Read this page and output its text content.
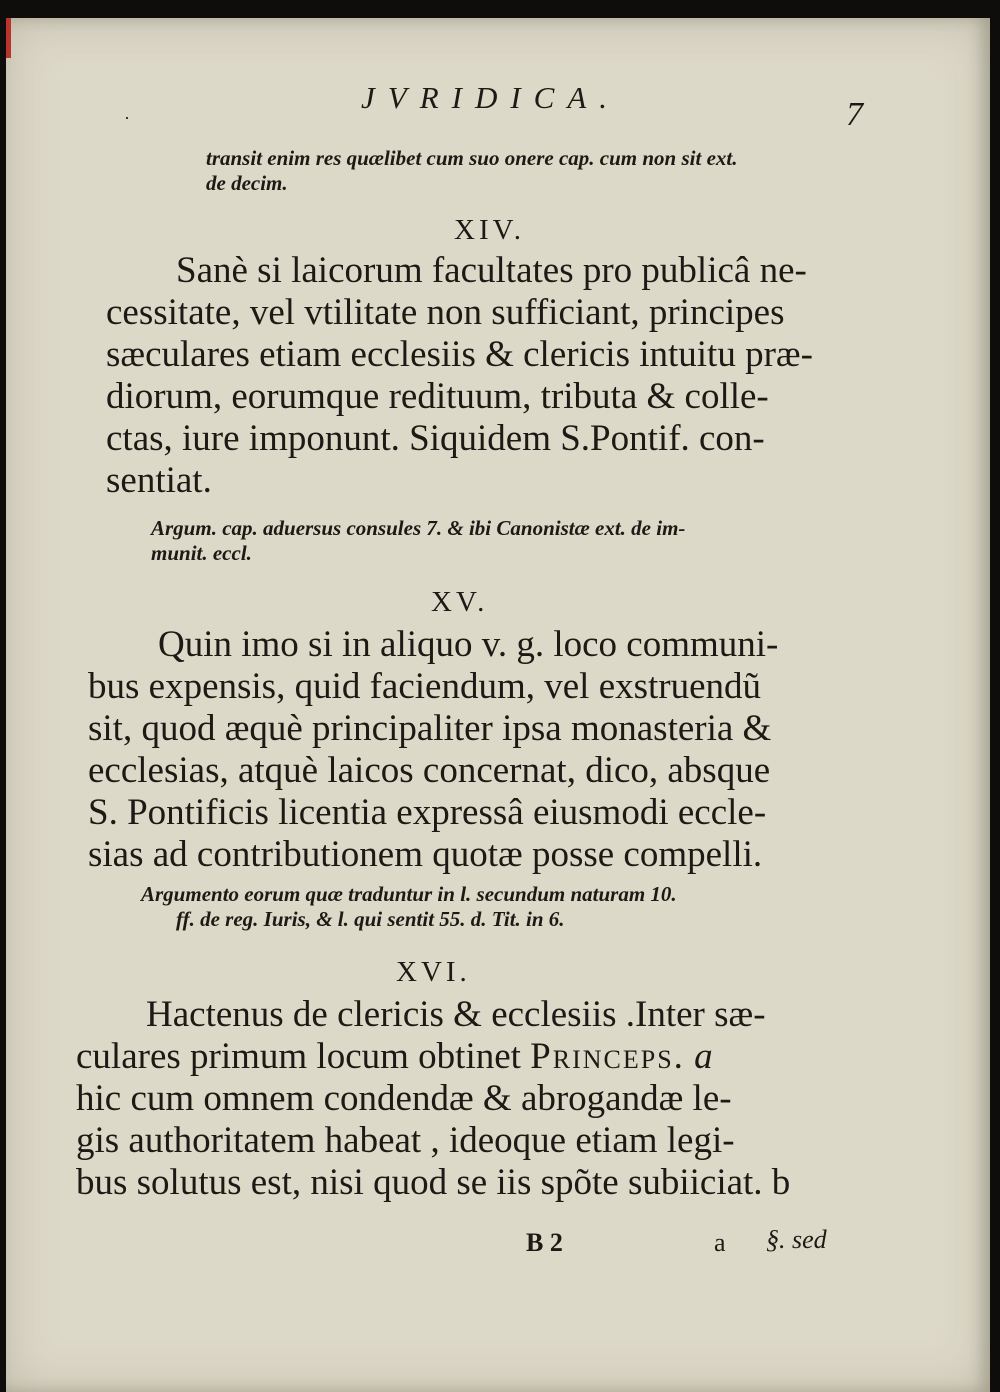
·
JVRIDICA.	7
transit enim res quælibet cum suo onere cap. cum non sit ext.
de decim.
XIV.
Sanè si laicorum facultates pro publicâ ne-
cessitate, vel vtilitate non sufficiant, principes
sæculares etiam ecclesiis & clericis intuitu præ-
diorum, eorumque redituum, tributa & colle-
ctas, iure imponunt. Siquidem S.Pontif. con-
sentiat.
Argum. cap. aduersus consules 7. & ibi Canonistæ ext. de im-
munit. eccl.
XV.
Quin imo si in aliquo v. g. loco communi-
bus expensis, quid faciendum, vel exstruendũ
sit, quod æquè principaliter ipsa monasteria &
ecclesias, atquè laicos concernat, dico, absque
S. Pontificis licentia expressâ eiusmodi eccle-
sias ad contributionem quotæ posse compelli.
Argumento eorum quæ traduntur in l. secundum naturam 10.
ff. de reg. Iuris, & l. qui sentit 55. d. Tit. in 6.
XVI.
Hactenus de clericis & ecclesiis .Inter sæ-
culares primum locum obtinet Princeps. a
hic cum omnem condendæ & abrogandæ le-
gis authoritatem habeat , ideoque etiam legi-
bus solutus est, nisi quod se iis spõte subiiciat. b
B 2	a §. sed
